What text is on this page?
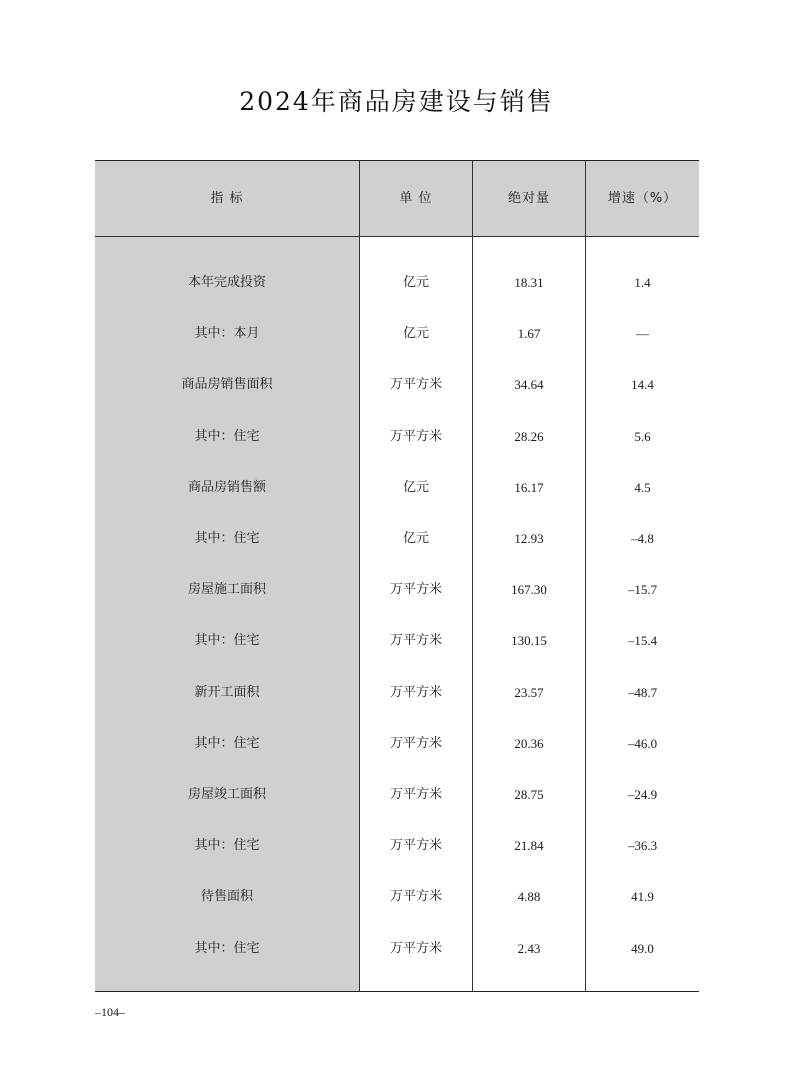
2024年商品房建设与销售
指 标	单 位	绝对量	增速（%）
本年完成投资	亿元	18.31	1.4
其中：本月	亿元	1.67	—
商品房销售面积	万平方米	34.64	14.4
其中：住宅	万平方米	28.26	5.6
商品房销售额	亿元	16.17	4.5
其中：住宅	亿元	12.93	–4.8
房屋施工面积	万平方米	167.30	–15.7
其中：住宅	万平方米	130.15	–15.4
新开工面积	万平方米	23.57	–48.7
其中：住宅	万平方米	20.36	–46.0
房屋竣工面积	万平方米	28.75	–24.9
其中：住宅	万平方米	21.84	–36.3
待售面积	万平方米	4.88	41.9
其中：住宅	万平方米	2.43	49.0
–104–
